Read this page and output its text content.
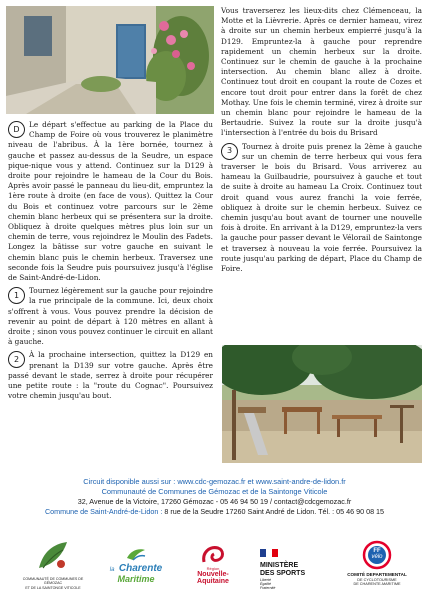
D	Le départ s'effectue au parking de la Place du Champ de Foire où vous trouverez le planimètre niveau de l'abribus. À la 1ère bornée, tournez à gauche et passez au-dessus de la Seudre, un espace pique-nique vous y attend. Continuez sur la D129 à droite pour rejoindre le hameau de la Cour du Bois. Après avoir passé le panneau du lieu-dit, empruntez la 1ère route à droite (en face de vous). Quittez la Cour du Bois et continuez votre parcours sur le 2ème chemin blanc herbeux qui se présentera sur la droite. Obliquez à droite quelques mètres plus loin sur un chemin de terre, vous rejoindrez le Moulin des Fadets. Longez la bâtisse sur votre gauche en suivant le chemin blanc puis le chemin herbeux. Traversez une seconde fois la Seudre puis poursuivez jusqu'à l'église de Saint-André-de-Lidon.

1	Tournez légèrement sur la gauche pour rejoindre la rue principale de la commune. Ici, deux choix s'offrent à vous. Vous pouvez prendre la décision de revenir au point de départ à 120 mètres en allant à droite ; sinon vous pouvez continuer le circuit en allant à gauche.

2	À la prochaine intersection, quittez la D129 en prenant la D139 sur votre gauche. Après être passé devant le stade, serrez à droite pour récupérer une petite route : la "route du Cognac". Poursuivez votre chemin jusqu'au bout.

Vous traverserez les lieux-dits chez Clémenceau, la Motte et la Lièvrerie. Après ce dernier hameau, virez à droite sur un chemin herbeux empierré jusqu'à la D129. Empruntez-la à gauche pour reprendre rapidement un chemin herbeux sur la droite. Continuez sur le chemin de gauche à la prochaine intersection. Au chemin blanc allez à droite. Continuez tout droit en coupant la route de Cozes et encore tout droit pour entrer dans la forêt de chez Mothay. Une fois le chemin terminé, virez à droite sur un chemin blanc pour rejoindre le hameau de la Bertaudrie. Suivez la route sur la droite jusqu'à l'intersection à l'entrée du bois du Brisard

3	Tournez à droite puis prenez la 2ème à gauche sur un chemin de terre herbeux qui vous fera traverser le bois du Brisard. Vous arriverez au hameau la Guilbaudrie, poursuivez à gauche et tout de suite à droite au hameau La Croix. Continuez tout droit quand vous aurez franchi la voie ferrée, obliquez à droite sur le chemin herbeux. Suivez ce chemin jusqu'au bout avant de tourner une nouvelle fois à droite. En arrivant à la D129, empruntez-la vers la gauche pour passer devant le Vélorail de Saintonge et traversez à nouveau la voie ferrée. Poursuivez la route jusqu'au parking de départ, Place du Champ de Foire.

Circuit disponible aussi sur : www.cdc-gemozac.fr et www.saint-andre-de-lidon.fr
Communauté de Communes de Gémozac et de la Saintonge Viticole
32, Avenue de la Victoire, 17260 Gémozac - 05 46 94 50 19 / contact@cdcgemozac.fr
Commune de Saint-André-de-Lidon : 8 rue de la Seudre 17260 Saint André de Lidon. Tél. : 05 46 90 08 15
COMMUNAUTÉ DE COMMUNES DE GÉMOZAC
ET DE LA SAINTONGE VITICOLE
la Charente
Maritime
Région
Nouvelle-
Aquitaine
MINISTÈRE
DES SPORTS
Liberté
Égalité
Fraternité
FF
vélo
COMITÉ DEPARTEMENTAL
DE CYCLOTOURISME
DE CHARENTE-MARITIME
